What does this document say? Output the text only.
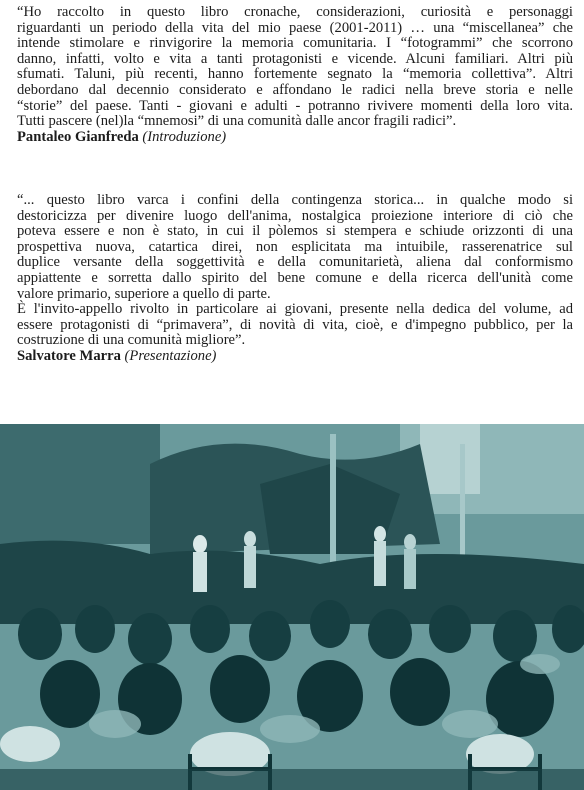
“Ho raccolto in questo libro cronache, considerazioni, curiosità e personaggi
riguardanti un periodo della vita del mio paese (2001-2011) … una “miscellanea” che
intende stimolare e rinvigorire la memoria comunitaria. I “fotogrammi” che scorrono
danno, infatti, volto e vita a tanti protagonisti e vicende. Alcuni familiari. Altri più
sfumati. Taluni, più recenti, hanno fortemente segnato la “memoria collettiva”. Altri
debordano dal decennio considerato e affondano le radici nella breve storia e nelle
“storie” del paese. Tanti - giovani e adulti - potranno rivivere momenti della loro vita.
Tutti pascere (nel)la “mnemosi” di una comunità dalle ancor fragili radici”.

Pantaleo Gianfreda (Introduzione)

“... questo libro varca i confini della contingenza storica... in qualche modo si
destoricizza per divenire luogo dell'anima, nostalgica proiezione interiore di ciò che
poteva essere e non è stato, in cui il pòlemos si stempera e schiude orizzonti di una
prospettiva nuova, catartica direi, non esplicitata ma intuibile, rasserenatrice sul
duplice versante della soggettività e della comunitarietà, aliena dal conformismo
appiattente e sorretta dallo spirito del bene comune e della ricerca dell'unità come
valore primario, superiore a quello di parte.
È l'invito-appello rivolto in particolare ai giovani, presente nella dedica del volume, ad
essere protagonisti di “primavera”, di novità di vita, cioè, e d'impegno pubblico, per la
costruzione di una comunità migliore”.

Salvatore Marra (Presentazione)
